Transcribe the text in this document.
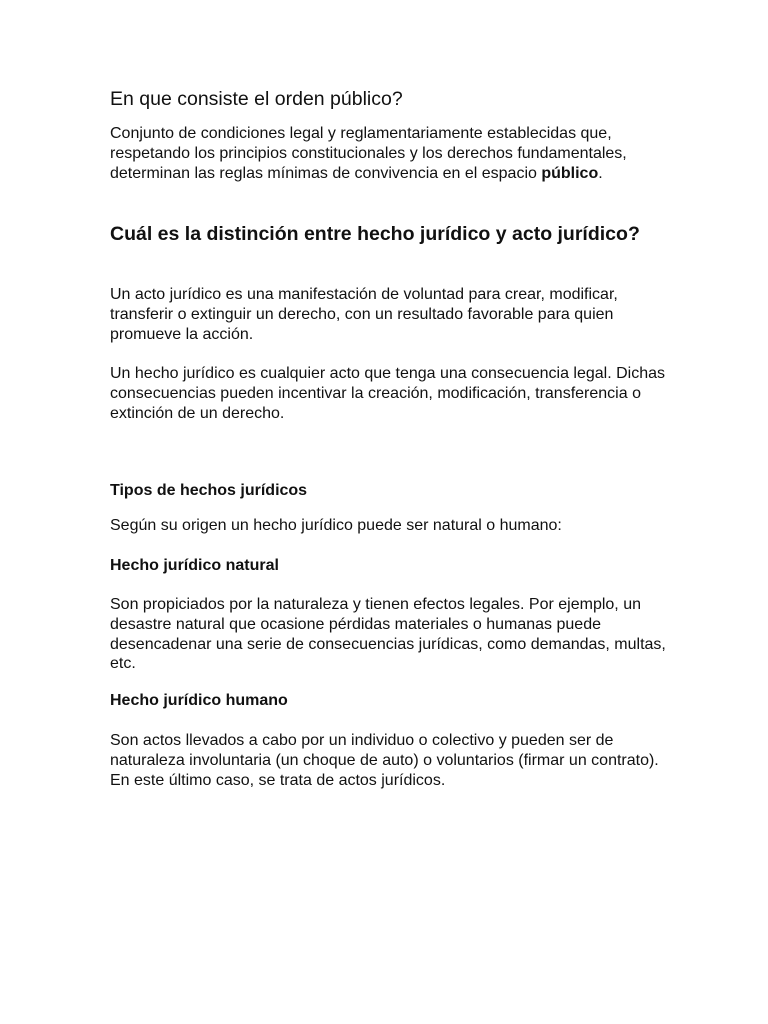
En que consiste el orden público?

Conjunto de condiciones legal y reglamentariamente establecidas que, respetando los principios constitucionales y los derechos fundamentales, determinan las reglas mínimas de convivencia en el espacio público.

Cuál es la distinción entre hecho jurídico y acto jurídico?

Un acto jurídico es una manifestación de voluntad para crear, modificar, transferir o extinguir un derecho, con un resultado favorable para quien promueve la acción.

Un hecho jurídico es cualquier acto que tenga una consecuencia legal. Dichas consecuencias pueden incentivar la creación, modificación, transferencia o extinción de un derecho.

Tipos de hechos jurídicos

Según su origen un hecho jurídico puede ser natural o humano:

Hecho jurídico natural

Son propiciados por la naturaleza y tienen efectos legales. Por ejemplo, un desastre natural que ocasione pérdidas materiales o humanas puede desencadenar una serie de consecuencias jurídicas, como demandas, multas, etc.

Hecho jurídico humano

Son actos llevados a cabo por un individuo o colectivo y pueden ser de naturaleza involuntaria (un choque de auto) o voluntarios (firmar un contrato). En este último caso, se trata de actos jurídicos.
